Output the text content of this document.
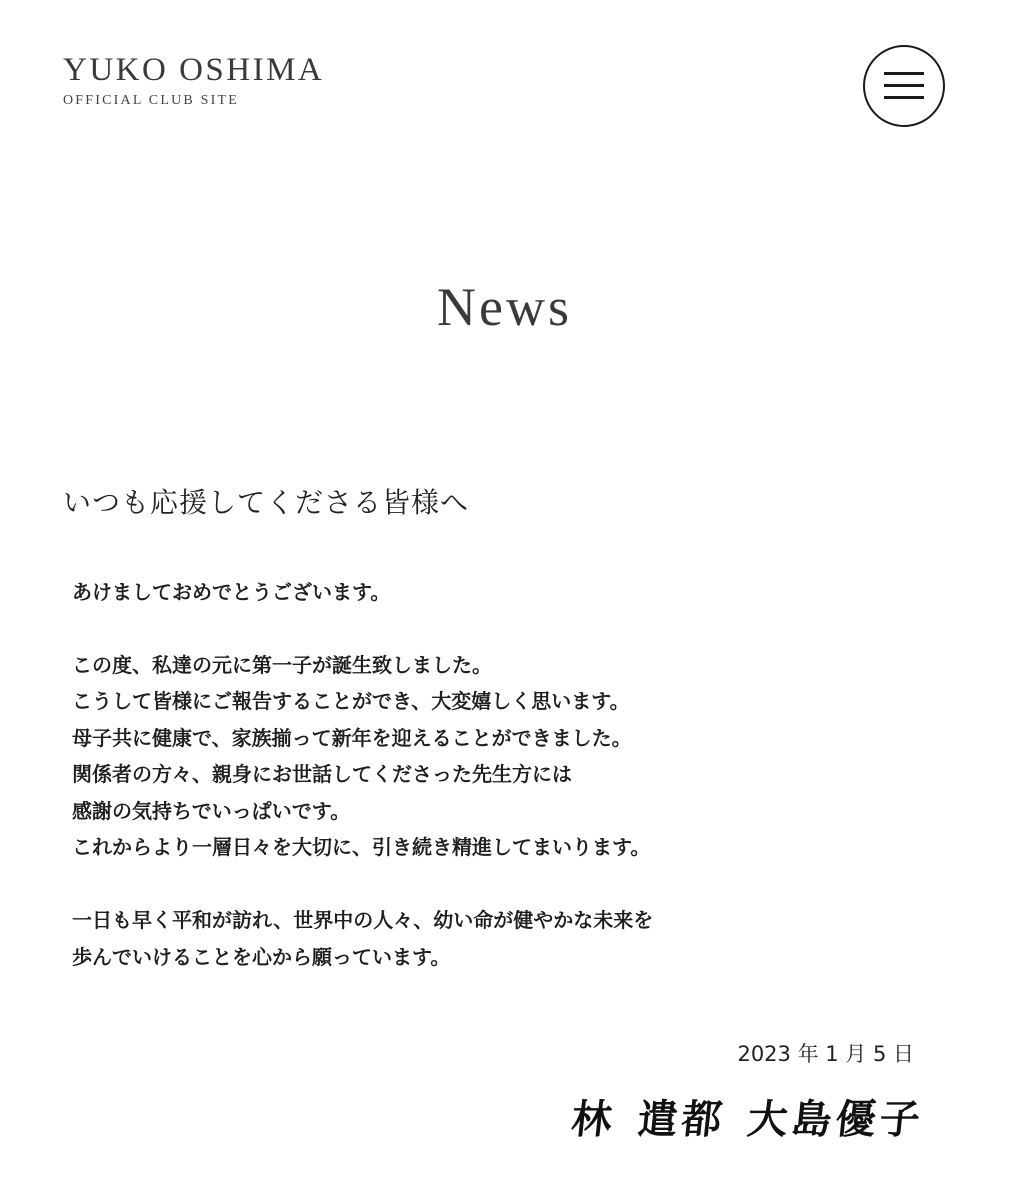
YUKO OSHIMA
OFFICIAL CLUB SITE
News
いつも応援してくださる皆様へ

あけましておめでとうございます。

この度、私達の元に第一子が誕生致しました。

こうして皆様にご報告することができ、大変嬉しく思います。

母子共に健康で、家族揃って新年を迎えることができました。

関係者の方々、親身にお世話してくださった先生方には

感謝の気持ちでいっぱいです。

これからより一層日々を大切に、引き続き精進してまいります。

一日も早く平和が訪れ、世界中の人々、幼い命が健やかな未来を

歩んでいけることを心から願っています。

2023 年 1 月 5 日
林 遣都 大島優子
